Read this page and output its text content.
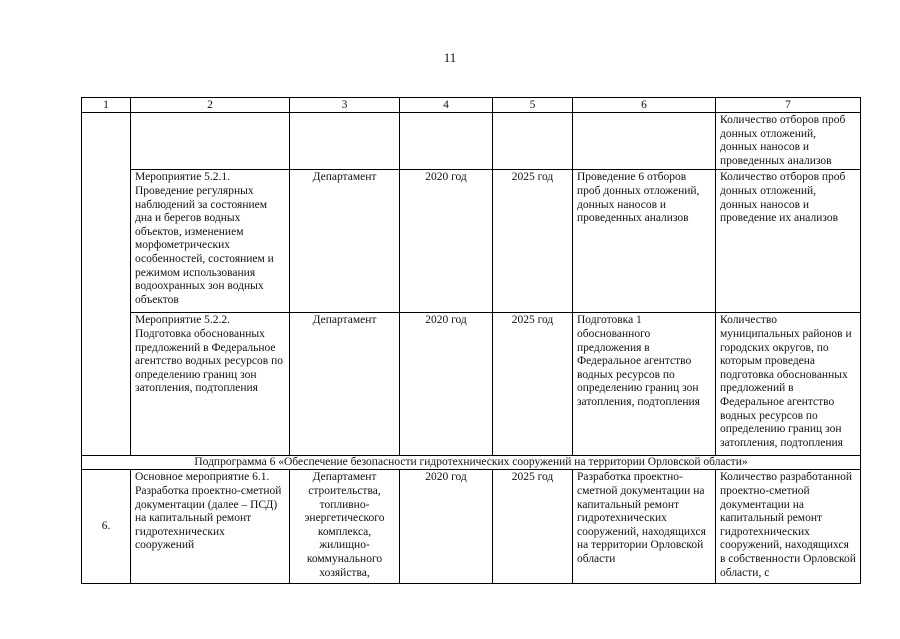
11
1	2	3	4	5	6	7
						Количество отборов проб донных отложений, донных наносов и проведенных анализов
	Мероприятие 5.2.1. Проведение регулярных наблюдений за состоянием дна и берегов водных объектов, изменением морфометрических особенностей, состоянием и режимом использования водоохранных зон водных объектов	Департамент	2020 год	2025 год	Проведение 6 отборов проб донных отложений, донных наносов и проведенных анализов	Количество отборов проб донных отложений, донных наносов и проведение их анализов
	Мероприятие 5.2.2. Подготовка обоснованных предложений в Федеральное агентство водных ресурсов по определению границ зон затопления, подтопления	Департамент	2020 год	2025 год	Подготовка 1 обоснованного предложения в Федеральное агентство водных ресурсов по определению границ зон затопления, подтопления	Количество муниципальных районов и городских округов, по которым проведена подготовка обоснованных предложений в Федеральное агентство водных ресурсов по определению границ зон затопления, подтопления
Подпрограмма 6 «Обеспечение безопасности гидротехнических сооружений на территории Орловской области»						
6.	Основное мероприятие 6.1. Разработка проектно-сметной документации (далее – ПСД) на капитальный ремонт гидротехнических сооружений	Департамент строительства, топливно-энергетического комплекса, жилищно-коммунального хозяйства,	2020 год	2025 год	Разработка проектно-сметной документации на капитальный ремонт гидротехнических сооружений, находящихся на территории Орловской области	Количество разработанной проектно-сметной документации на капитальный ремонт гидротехнических сооружений, находящихся в собственности Орловской области, с
